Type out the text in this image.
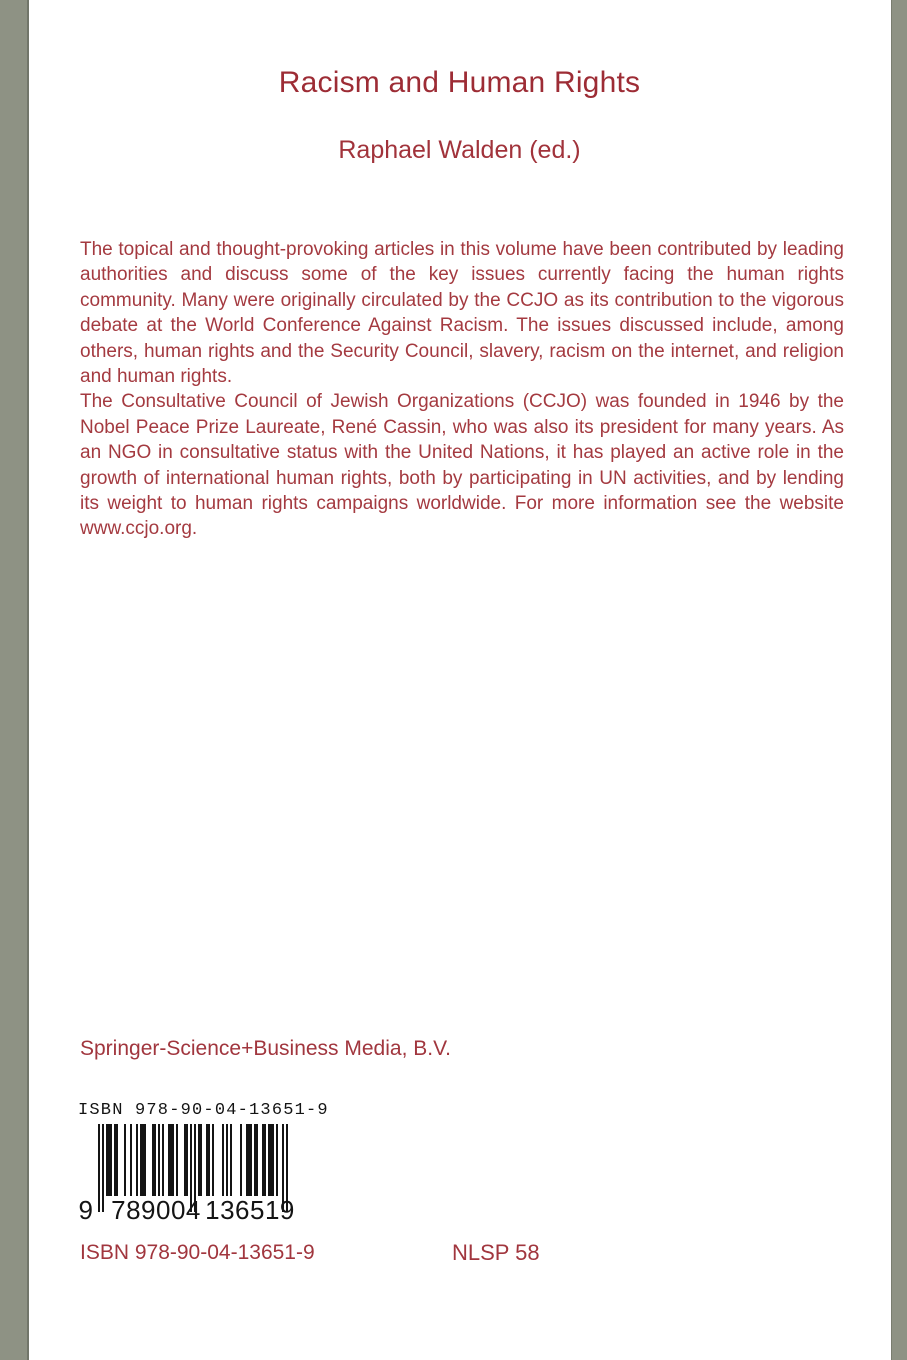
Racism and Human Rights
Raphael Walden (ed.)

The topical and thought-provoking articles in this volume have been contributed by leading authorities and discuss some of the key issues currently facing the human rights community. Many were originally circulated by the CCJO as its contribution to the vigorous debate at the World Conference Against Racism. The issues discussed include, among others, human rights and the Security Council, slavery, racism on the internet, and religion and human rights.

The Consultative Council of Jewish Organizations (CCJO) was founded in 1946 by the Nobel Peace Prize Laureate, René Cassin, who was also its president for many years. As an NGO in consultative status with the United Nations, it has played an active role in the growth of international human rights, both by participating in UN activities, and by lending its weight to human rights campaigns worldwide. For more information see the website www.ccjo.org.

Springer-Science+Business Media, B.V.
ISBN 978-90-04-13651-9
9 789004 136519
ISBN 978-90-04-13651-9	NLSP 58
